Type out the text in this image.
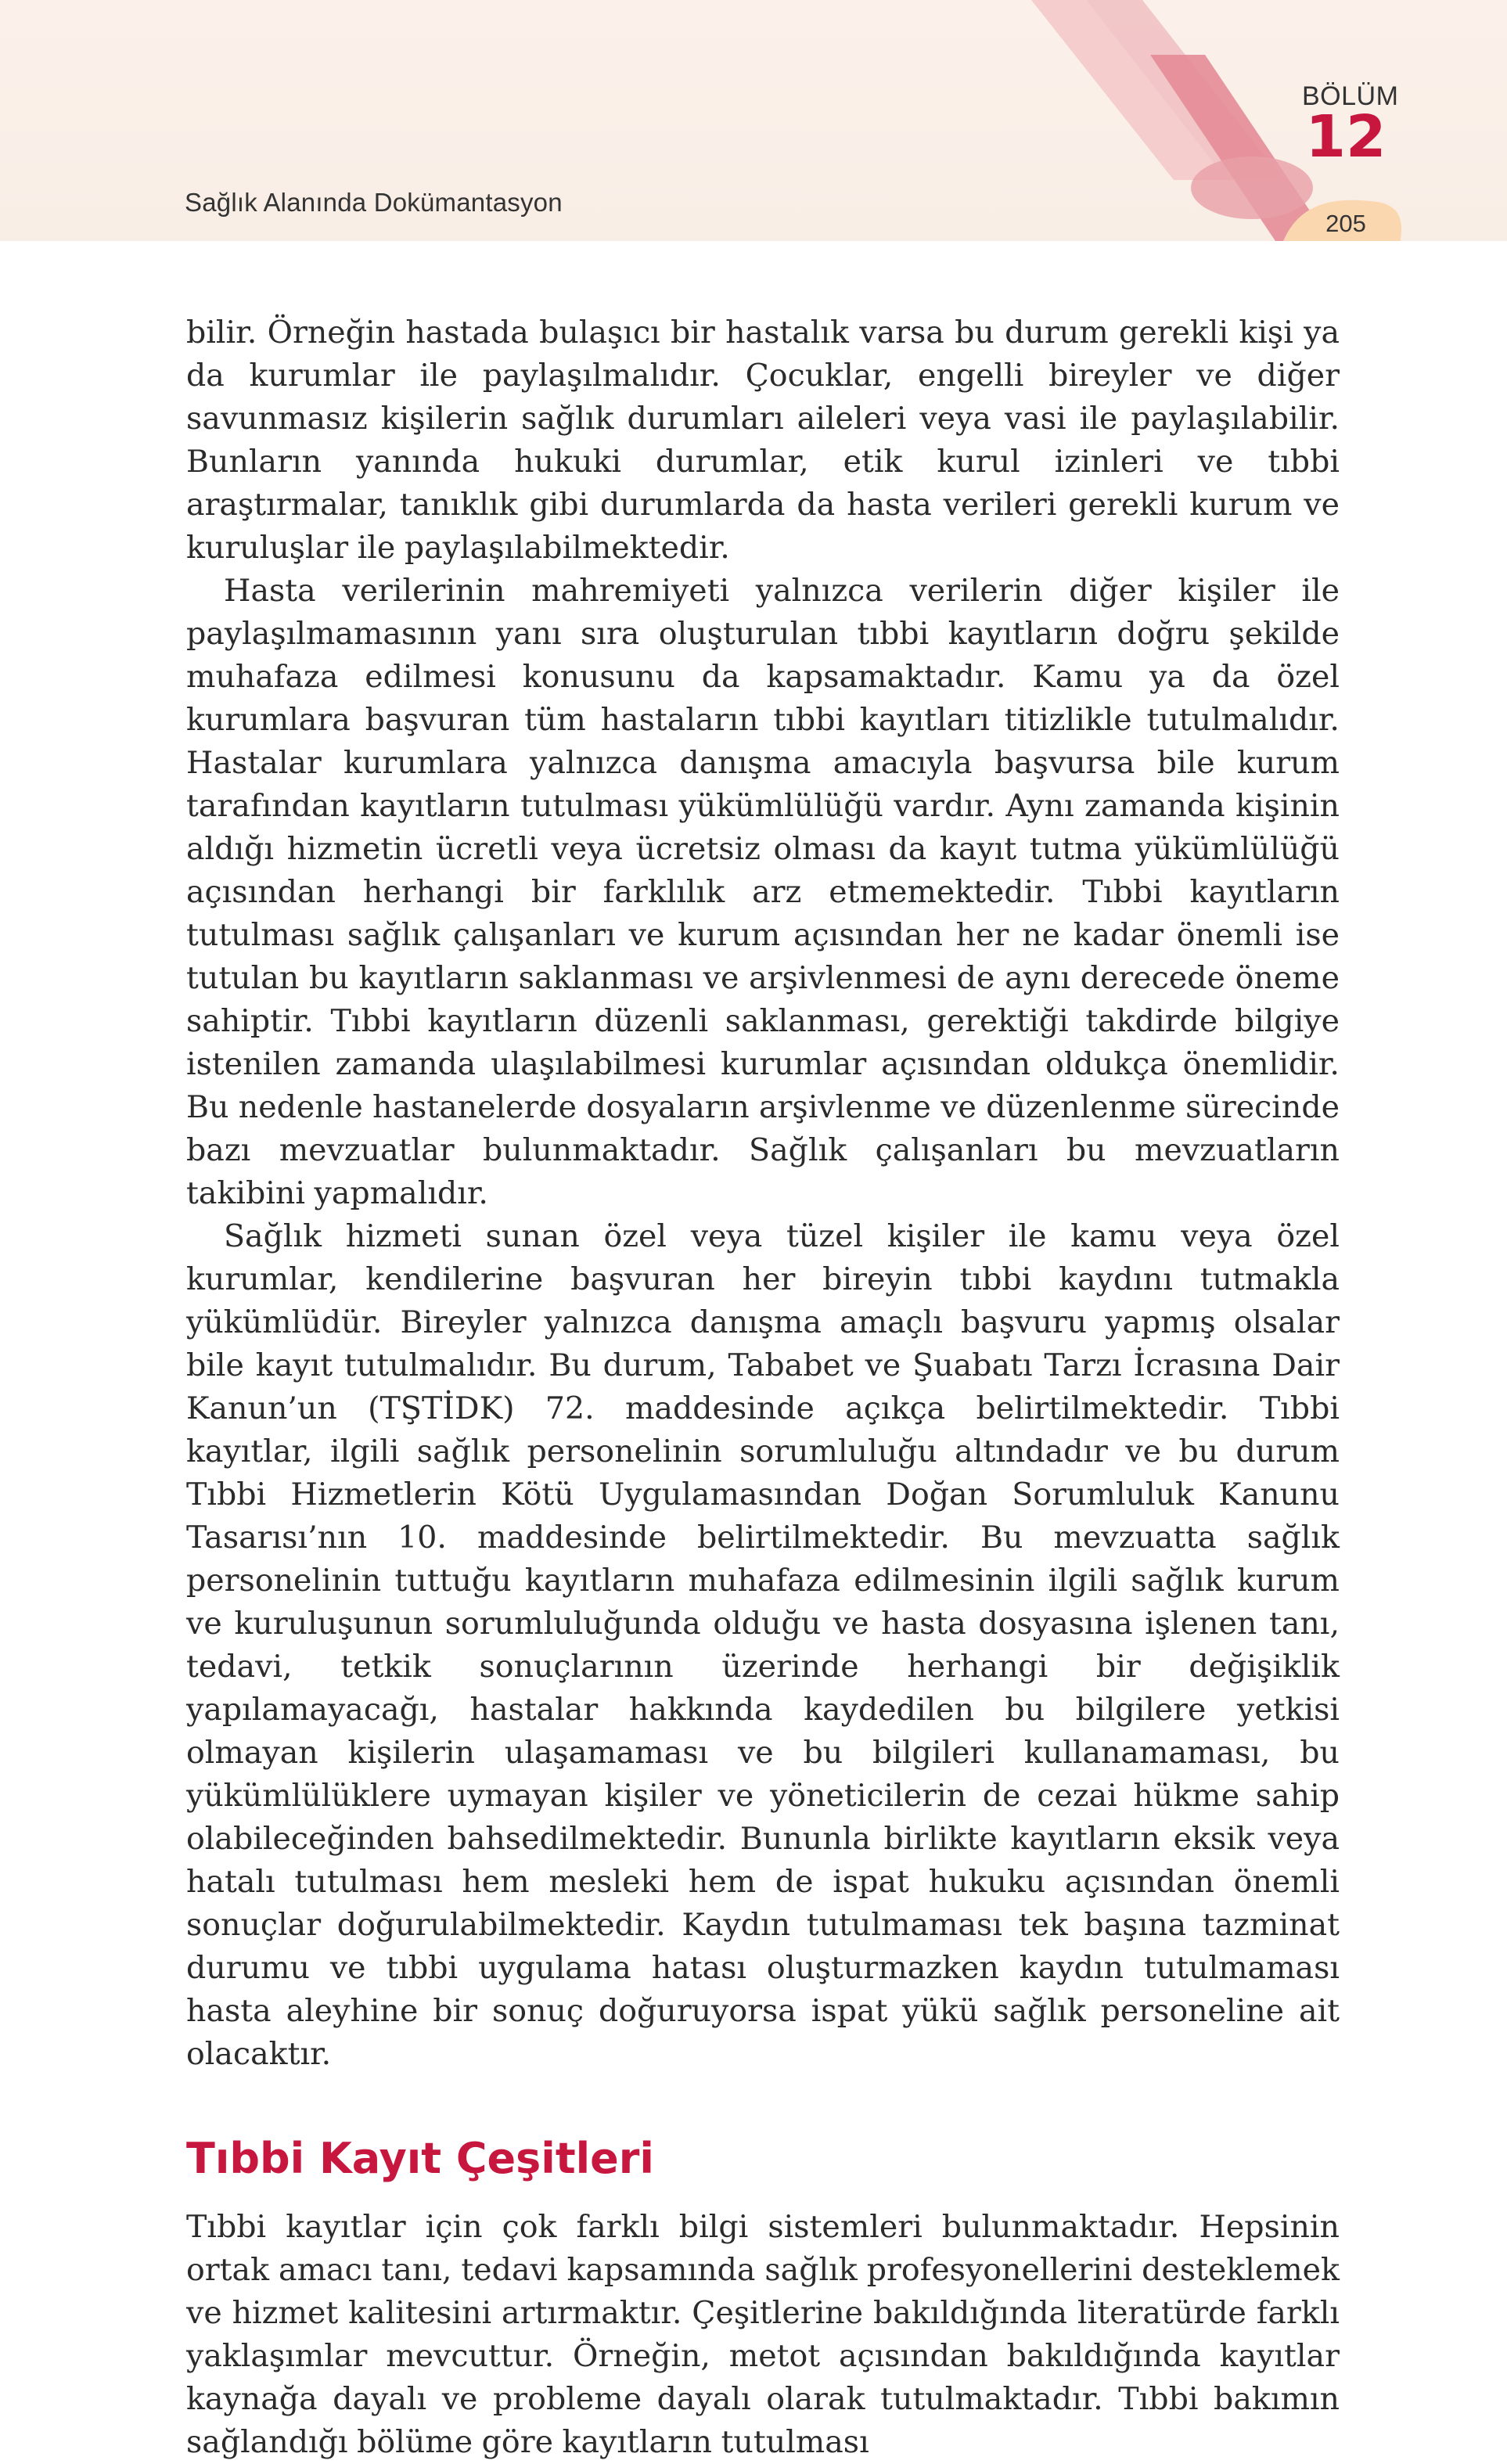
Sağlık Alanında Dokümantasyon
BÖLÜM
12
205

bilir. Örneğin hastada bulaşıcı bir hastalık varsa bu durum gerekli kişi ya da kurumlar ile paylaşılmalıdır. Çocuklar, engelli bireyler ve diğer savunmasız kişilerin sağlık durumları aileleri veya vasi ile paylaşılabilir. Bunların yanında hukuki durumlar, etik kurul izinleri ve tıbbi araştırmalar, tanıklık gibi durumlarda da hasta verileri gerekli kurum ve kuruluşlar ile paylaşılabilmektedir.

Hasta verilerinin mahremiyeti yalnızca verilerin diğer kişiler ile paylaşılmamasının yanı sıra oluşturulan tıbbi kayıtların doğru şekilde muhafaza edilmesi konusunu da kapsamaktadır. Kamu ya da özel kurumlara başvuran tüm hastaların tıbbi kayıtları titizlikle tutulmalıdır. Hastalar kurumlara yalnızca danışma amacıyla başvursa bile kurum tarafından kayıtların tutulması yükümlülüğü vardır. Aynı zamanda kişinin aldığı hizmetin ücretli veya ücretsiz olması da kayıt tutma yükümlülüğü açısından herhangi bir farklılık arz etmemektedir. Tıbbi kayıtların tutulması sağlık çalışanları ve kurum açısından her ne kadar önemli ise tutulan bu kayıtların saklanması ve arşivlenmesi de aynı derecede öneme sahiptir. Tıbbi kayıtların düzenli saklanması, gerektiği takdirde bilgiye istenilen zamanda ulaşılabilmesi kurumlar açısından oldukça önemlidir. Bu nedenle hastanelerde dosyaların arşivlenme ve düzenlenme sürecinde bazı mevzuatlar bulunmaktadır. Sağlık çalışanları bu mevzuatların takibini yapmalıdır.

Sağlık hizmeti sunan özel veya tüzel kişiler ile kamu veya özel kurumlar, kendilerine başvuran her bireyin tıbbi kaydını tutmakla yükümlüdür. Bireyler yalnızca danışma amaçlı başvuru yapmış olsalar bile kayıt tutulmalıdır. Bu durum, Tababet ve Şuabatı Tarzı İcrasına Dair Kanun’un (TŞTİDK) 72. maddesinde açıkça belirtilmektedir. Tıbbi kayıtlar, ilgili sağlık personelinin sorumluluğu altındadır ve bu durum Tıbbi Hizmetlerin Kötü Uygulamasından Doğan Sorumluluk Kanunu Tasarısı’nın 10. maddesinde belirtilmektedir. Bu mevzuatta sağlık personelinin tuttuğu kayıtların muhafaza edilmesinin ilgili sağlık kurum ve kuruluşunun sorumluluğunda olduğu ve hasta dosyasına işlenen tanı, tedavi, tetkik sonuçlarının üzerinde herhangi bir değişiklik yapılamayacağı, hastalar hakkında kaydedilen bu bilgilere yetkisi olmayan kişilerin ulaşamaması ve bu bilgileri kullanamaması, bu yükümlülüklere uymayan kişiler ve yöneticilerin de cezai hükme sahip olabileceğinden bahsedilmektedir. Bununla birlikte kayıtların eksik veya hatalı tutulması hem mesleki hem de ispat hukuku açısından önemli sonuçlar doğurulabilmektedir. Kaydın tutulmaması tek başına tazminat durumu ve tıbbi uygulama hatası oluşturmazken kaydın tutulmaması hasta aleyhine bir sonuç doğuruyorsa ispat yükü sağlık personeline ait olacaktır.

Tıbbi Kayıt Çeşitleri

Tıbbi kayıtlar için çok farklı bilgi sistemleri bulunmaktadır. Hepsinin ortak amacı tanı, tedavi kapsamında sağlık profesyonellerini desteklemek ve hizmet kalitesini artırmaktır. Çeşitlerine bakıldığında literatürde farklı yaklaşımlar mevcuttur. Örneğin, metot açısından bakıldığında kayıtlar kaynağa dayalı ve probleme dayalı olarak tutulmaktadır. Tıbbi bakımın sağlandığı bölüme göre kayıtların tutulması
